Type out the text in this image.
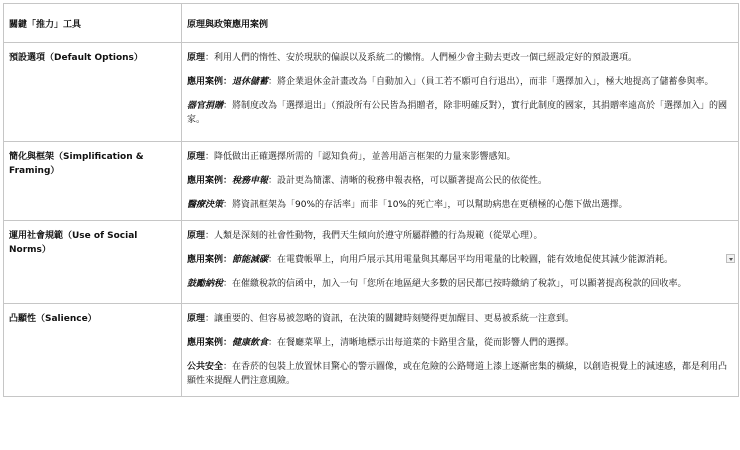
關鍵「推力」工具	原理與政策應用案例
預設選項（Default Options）	原理：利用人們的惰性、安於現狀的偏誤以及系統二的懶惰。人們極少會主動去更改一個已經設定好的預設選項。

應用案例：退休儲蓄：將企業退休金計畫改為「自動加入」（員工若不願可自行退出），而非「選擇加入」，極大地提高了儲蓄參與率。

器官捐贈：將制度改為「選擇退出」（預設所有公民皆為捐贈者，除非明確反對），實行此制度的國家，其捐贈率遠高於「選擇加入」的國家。

簡化與框架（Simplification & Framing）	原理：降低做出正確選擇所需的「認知負荷」，並善用語言框架的力量來影響感知。

應用案例：稅務申報：設計更為簡潔、清晰的稅務申報表格，可以顯著提高公民的依從性。

醫療決策：將資訊框架為「90%的存活率」而非「10%的死亡率」，可以幫助病患在更積極的心態下做出選擇。

運用社會規範（Use of Social Norms）	原理：人類是深刻的社會性動物，我們天生傾向於遵守所屬群體的行為規範（從眾心理）。

應用案例：節能減碳：在電費帳單上，向用戶展示其用電量與其鄰居平均用電量的比較圖，能有效地促使其減少能源消耗。

鼓勵納稅：在催繳稅款的信函中，加入一句「您所在地區絕大多數的居民都已按時繳納了稅款」，可以顯著提高稅款的回收率。

凸顯性（Salience）	原理：讓重要的、但容易被忽略的資訊，在決策的關鍵時刻變得更加醒目、更易被系統一注意到。

應用案例：健康飲食：在餐廳菜單上，清晰地標示出每道菜的卡路里含量，從而影響人們的選擇。

公共安全：在香菸的包裝上放置怵目驚心的警示圖像，或在危險的公路彎道上漆上逐漸密集的橫線，以創造視覺上的減速感，都是利用凸顯性來提醒人們注意風險。
